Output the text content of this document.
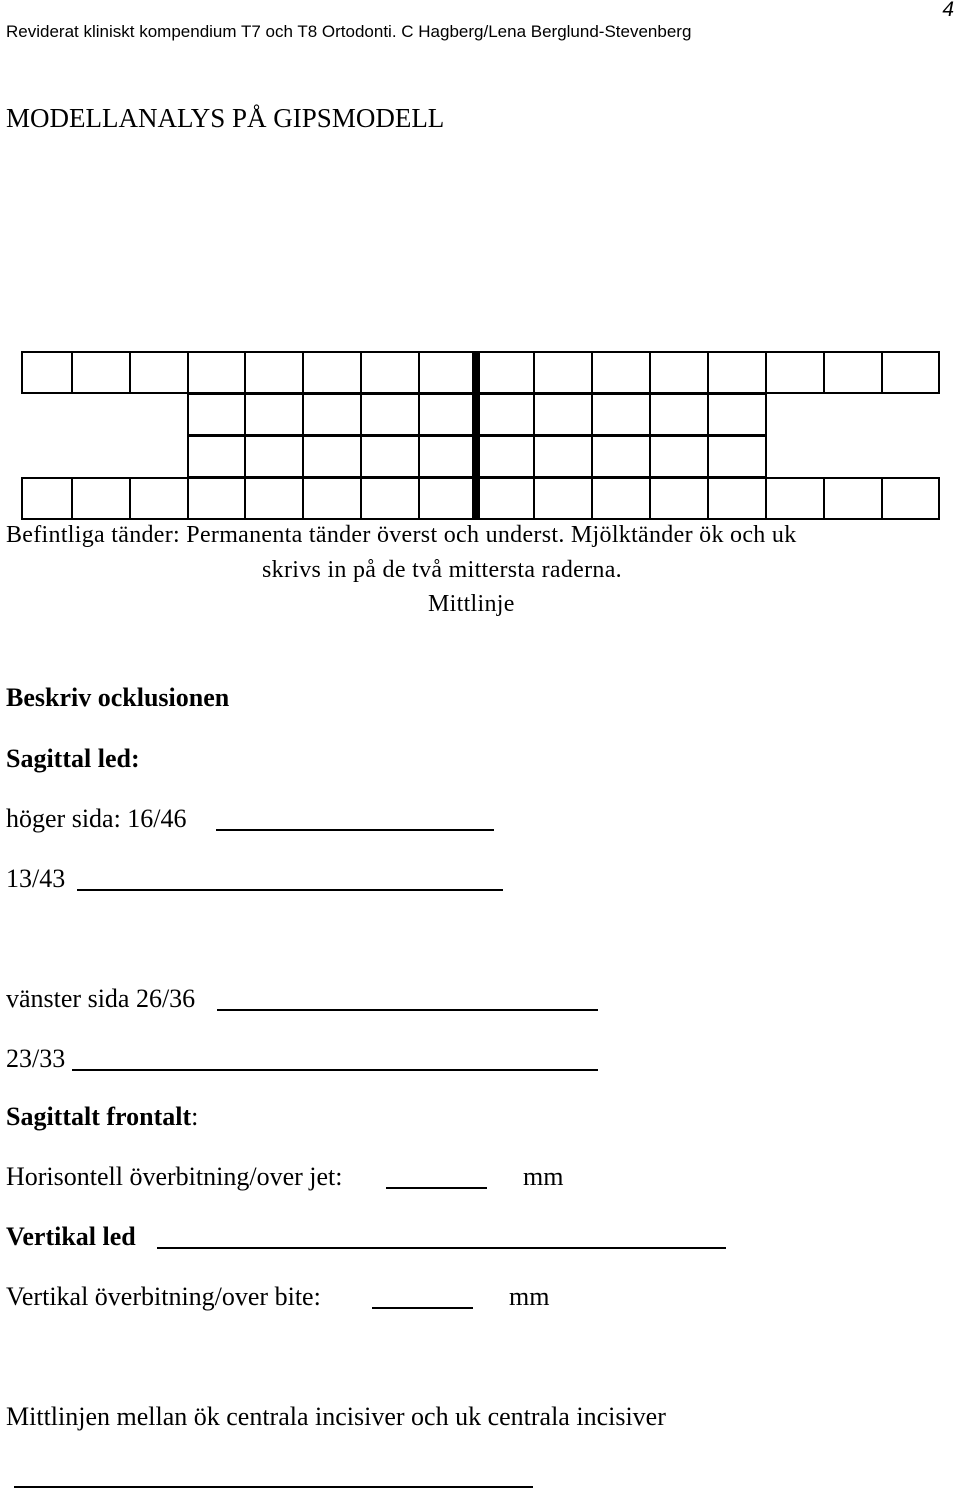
Reviderat kliniskt kompendium T7 och T8 Ortodonti. C Hagberg/Lena Berglund-Stevenberg
4
MODELLANALYS PÅ GIPSMODELL
Befintliga tänder: Permanenta tänder överst och underst. Mjölktänder ök och uk
skrivs in på de två mittersta raderna.
Mittlinje
Beskriv ocklusionen
Sagittal led:
höger sida: 16/46
13/43
vänster sida 26/36
23/33
Sagittalt frontalt:
Horisontell överbitning/over jet:	mm
Vertikal led
Vertikal överbitning/over bite:	mm
Mittlinjen mellan ök centrala incisiver och uk centrala incisiver
